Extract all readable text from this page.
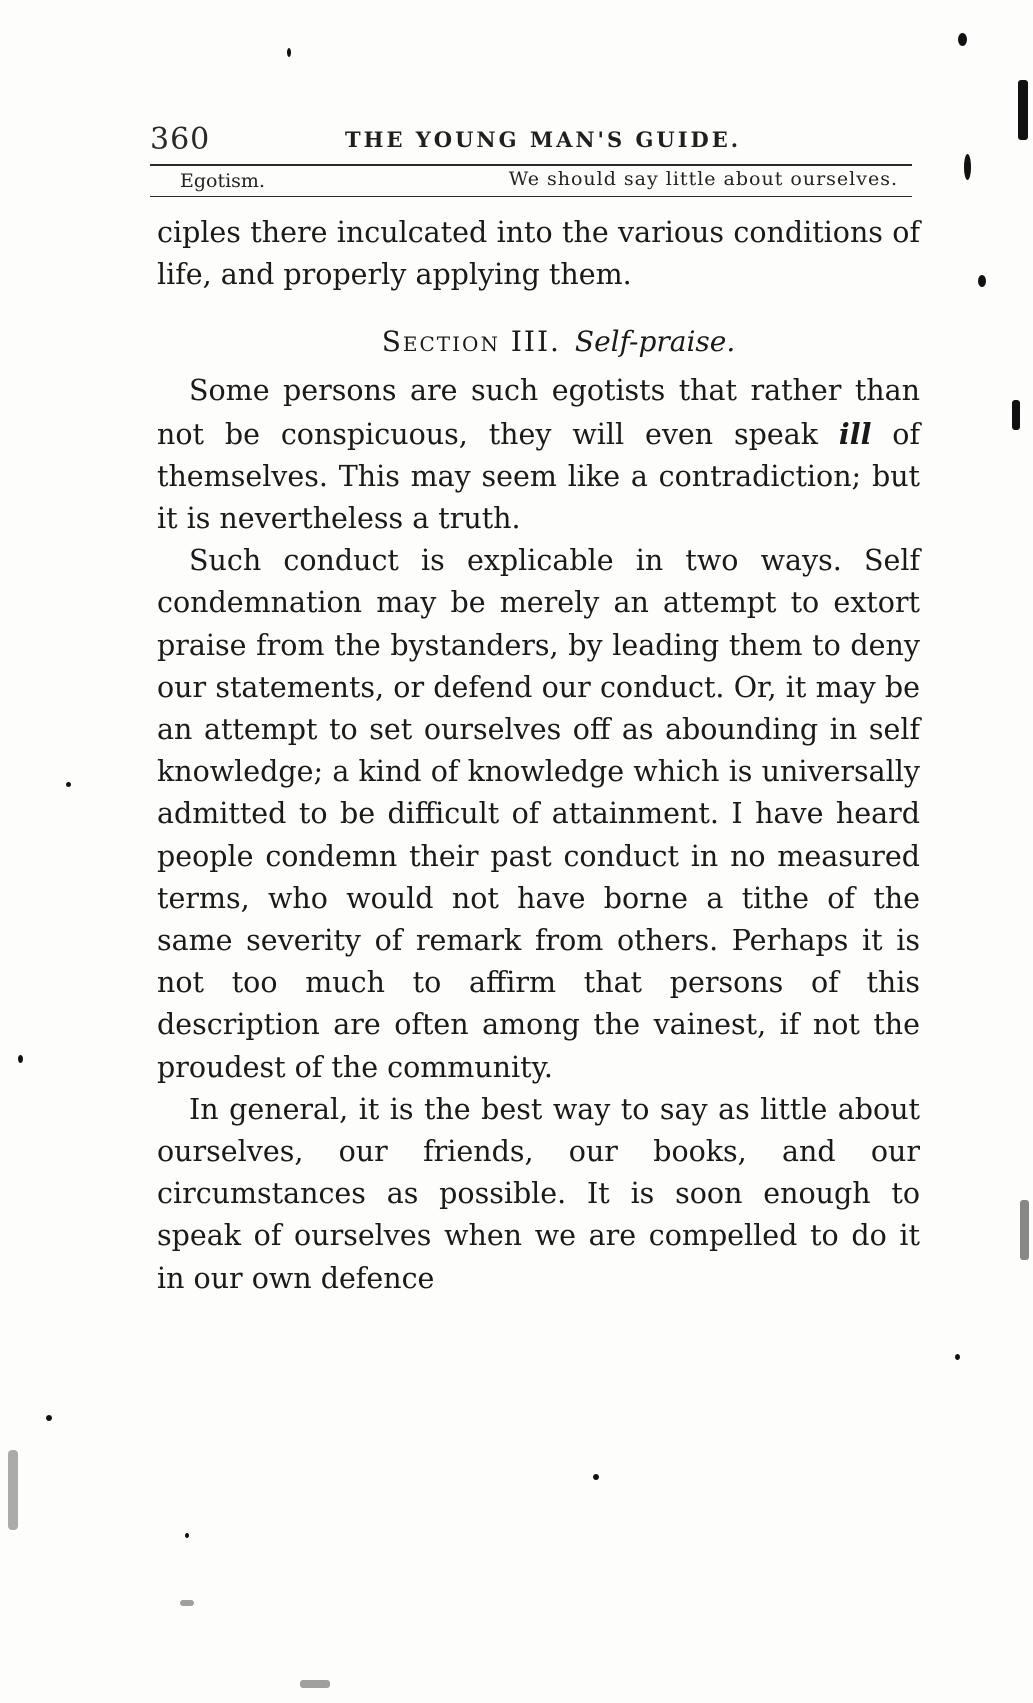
360	THE YOUNG MAN'S GUIDE.
Egotism.	We should say little about ourselves.

ciples there inculcated into the various conditions of life, and properly applying them.

Section III. Self-praise.

Some persons are such egotists that rather than not be conspicuous, they will even speak ill of themselves. This may seem like a contradiction; but it is nevertheless a truth.

Such conduct is explicable in two ways. Self condemnation may be merely an attempt to extort praise from the bystanders, by leading them to deny our statements, or defend our conduct. Or, it may be an attempt to set ourselves off as abounding in self knowledge; a kind of knowledge which is universally admitted to be difficult of attainment. I have heard people condemn their past conduct in no measured terms, who would not have borne a tithe of the same severity of remark from others. Perhaps it is not too much to affirm that persons of this description are often among the vainest, if not the proudest of the community.

In general, it is the best way to say as little about ourselves, our friends, our books, and our circumstances as possible. It is soon enough to speak of ourselves when we are compelled to do it in our own defence
